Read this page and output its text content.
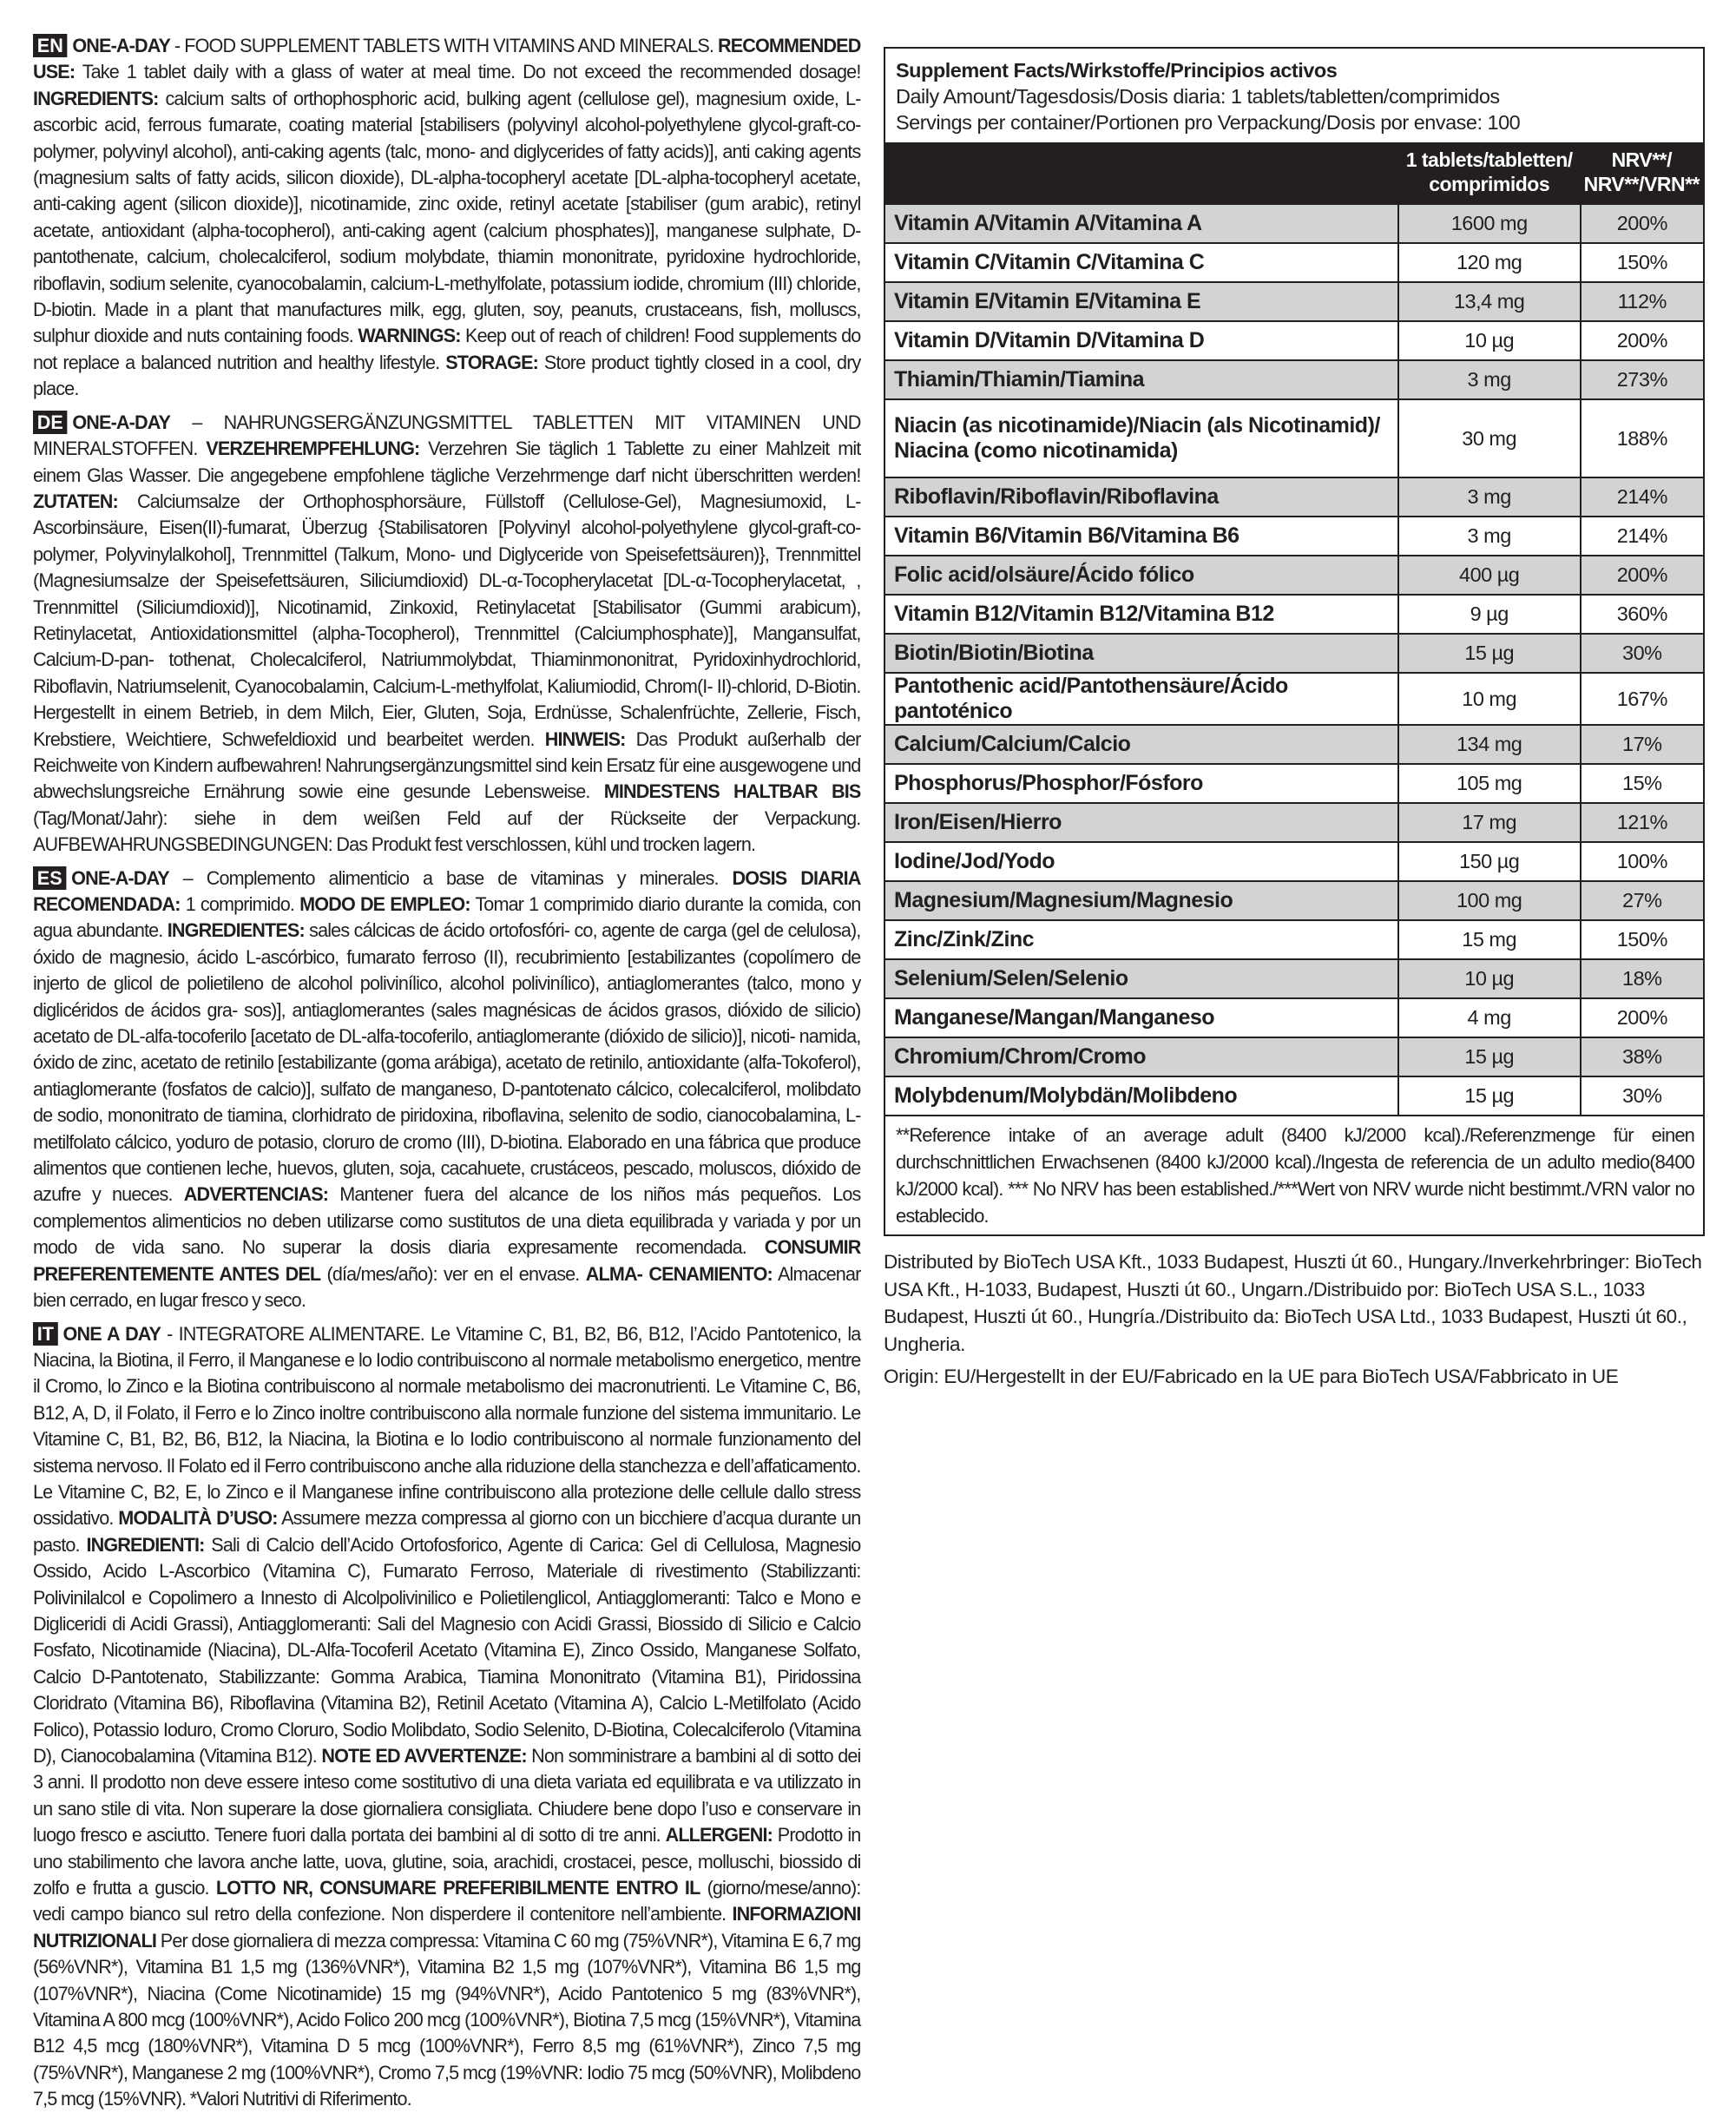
EN ONE-A-DAY - FOOD SUPPLEMENT TABLETS WITH VITAMINS AND MINERALS. RECOMMENDED USE: Take 1 tablet daily with a glass of water at meal time. Do not exceed the recommended dosage! INGREDIENTS: calcium salts of orthophosphoric acid, bulking agent (cellulose gel), magnesium oxide, L-ascorbic acid, ferrous fumarate, coating material [stabilisers (polyvinyl alcohol-polyethylene glycol-graft-co-polymer, polyvinyl alcohol), anti-caking agents (talc, mono- and diglycerides of fatty acids)], anti caking agents (magnesium salts of fatty acids, silicon dioxide), DL-alpha-tocopheryl acetate [DL-alpha-tocopheryl acetate, anti-caking agent (silicon dioxide)], nicotinamide, zinc oxide, retinyl acetate [stabiliser (gum arabic), retinyl acetate, antioxidant (alpha-tocopherol), anti-caking agent (calcium phosphates)], manganese sulphate, D-pantothenate, calcium, cholecalciferol, sodium molybdate, thiamin mononitrate, pyridoxine hydrochloride, riboflavin, sodium selenite, cyanocobalamin, calcium-L-methylfolate, potassium iodide, chromium (III) chloride, D-biotin. Made in a plant that manufactures milk, egg, gluten, soy, peanuts, crustaceans, fish, molluscs, sulphur dioxide and nuts containing foods. WARNINGS: Keep out of reach of children! Food supplements do not replace a balanced nutrition and healthy lifestyle. STORAGE: Store product tightly closed in a cool, dry place.
DE ONE-A-DAY – NAHRUNGSERGÄNZUNGSMITTEL TABLETTEN MIT VITAMINEN UND MINERALSTOFFEN. VERZEHREMPFEHLUNG: Verzehren Sie täglich 1 Tablette zu einer Mahlzeit mit einem Glas Wasser. Die angegebene empfohlene tägliche Verzehrmenge darf nicht überschritten werden! ZUTATEN: Calciumsalze der Orthophosphorsäure, Füllstoff (Cellulose-Gel), Magnesiumoxid, L-Ascorbinsäure, Eisen(II)-fumarat, Überzug {Stabilisatoren [Polyvinyl alcohol-polyethylene glycol-graft-co-polymer, Polyvinylalkohol], Trennmittel (Talkum, Mono- und Diglyceride von Speisefettsäuren)}, Trennmittel (Magnesiumsalze der Speisefettsäuren, Siliciumdioxid) DL-α-Tocopherylacetat [DL-α-Tocopherylacetat, , Trennmittel (Siliciumdioxid)], Nicotinamid, Zinkoxid, Retinylacetat [Stabilisator (Gummi arabicum), Retinylacetat, Antioxidationsmittel (alpha-Tocopherol), Trennmittel (Calciumphosphate)], Mangansulfat, Calcium-D-pan- tothenat, Cholecalciferol, Natriummolybdat, Thiaminmononitrat, Pyridoxinhydrochlorid, Riboflavin, Natriumselenit, Cyanocobalamin, Calcium-L-methylfolat, Kaliumiodid, Chrom(I- II)-chlorid, D-Biotin. Hergestellt in einem Betrieb, in dem Milch, Eier, Gluten, Soja, Erdnüsse, Schalenfrüchte, Zellerie, Fisch, Krebstiere, Weichtiere, Schwefeldioxid und bearbeitet werden. HINWEIS: Das Produkt außerhalb der Reichweite von Kindern aufbewahren! Nahrungsergänzungsmittel sind kein Ersatz für eine ausgewogene und abwechslungsreiche Ernährung sowie eine gesunde Lebensweise. MINDESTENS HALTBAR BIS (Tag/Monat/Jahr): siehe in dem weißen Feld auf der Rückseite der Verpackung. AUFBEWAHRUNGSBEDINGUNGEN: Das Produkt fest verschlossen, kühl und trocken lagern.
ES ONE-A-DAY – Complemento alimenticio a base de vitaminas y minerales. DOSIS DIARIA RECOMENDADA: 1 comprimido. MODO DE EMPLEO: Tomar 1 comprimido diario durante la comida, con agua abundante. INGREDIENTES: sales cálcicas de ácido ortofosfóri- co, agente de carga (gel de celulosa), óxido de magnesio, ácido L-ascórbico, fumarato ferroso (II), recubrimiento [estabilizantes (copolímero de injerto de glicol de polietileno de alcohol polivinílico, alcohol polivinílico), antiaglomerantes (talco, mono y diglicéridos de ácidos gra- sos)], antiaglomerantes (sales magnésicas de ácidos grasos, dióxido de silicio) acetato de DL-alfa-tocoferilo [acetato de DL-alfa-tocoferilo, antiaglomerante (dióxido de silicio)], nicoti- namida, óxido de zinc, acetato de retinilo [estabilizante (goma arábiga), acetato de retinilo, antioxidante (alfa-Tokoferol), antiaglomerante (fosfatos de calcio)], sulfato de manganeso, D-pantotenato cálcico, colecalciferol, molibdato de sodio, mononitrato de tiamina, clorhidrato de piridoxina, riboflavina, selenito de sodio, cianocobalamina, L-metilfolato cálcico, yoduro de potasio, cloruro de cromo (III), D-biotina. Elaborado en una fábrica que produce alimentos que contienen leche, huevos, gluten, soja, cacahuete, crustáceos, pescado, moluscos, dióxido de azufre y nueces. ADVERTENCIAS: Mantener fuera del alcance de los niños más pequeños. Los complementos alimenticios no deben utilizarse como sustitutos de una dieta equilibrada y variada y por un modo de vida sano. No superar la dosis diaria expresamente recomendada. CONSUMIR PREFERENTEMENTE ANTES DEL (día/mes/año): ver en el envase. ALMA- CENAMIENTO: Almacenar bien cerrado, en lugar fresco y seco.
IT ONE A DAY - INTEGRATORE ALIMENTARE. Le Vitamine C, B1, B2, B6, B12, l’Acido Pantotenico, la Niacina, la Biotina, il Ferro, il Manganese e lo Iodio contribuiscono al normale metabolismo energetico, mentre il Cromo, lo Zinco e la Biotina contribuiscono al normale metabolismo dei macronutrienti. Le Vitamine C, B6, B12, A, D, il Folato, il Ferro e lo Zinco inoltre contribuiscono alla normale funzione del sistema immunitario. Le Vitamine C, B1, B2, B6, B12, la Niacina, la Biotina e lo Iodio contribuiscono al normale funzionamento del sistema nervoso. Il Folato ed il Ferro contribuiscono anche alla riduzione della stanchezza e dell’affaticamento. Le Vitamine C, B2, E, lo Zinco e il Manganese infine contribuiscono alla protezione delle cellule dallo stress ossidativo. MODALITÀ D’USO: Assumere mezza compressa al giorno con un bicchiere d’acqua durante un pasto. INGREDIENTI: Sali di Calcio dell’Acido Ortofosforico, Agente di Carica: Gel di Cellulosa, Magnesio Ossido, Acido L-Ascorbico (Vitamina C), Fumarato Ferroso, Materiale di rivestimento (Stabilizzanti: Polivinilalcol e Copolimero a Innesto di Alcolpolivinilico e Polietilenglicol, Antiagglomeranti: Talco e Mono e Digliceridi di Acidi Grassi), Antiagglomeranti: Sali del Magnesio con Acidi Grassi, Biossido di Silicio e Calcio Fosfato, Nicotinamide (Niacina), DL-Alfa-Tocoferil Acetato (Vitamina E), Zinco Ossido, Manganese Solfato, Calcio D-Pantotenato, Stabilizzante: Gomma Arabica, Tiamina Mononitrato (Vitamina B1), Piridossina Cloridrato (Vitamina B6), Riboflavina (Vitamina B2), Retinil Acetato (Vitamina A), Calcio L-Metilfolato (Acido Folico), Potassio Ioduro, Cromo Cloruro, Sodio Molibdato, Sodio Selenito, D-Biotina, Colecalciferolo (Vitamina D), Cianocobalamina (Vitamina B12). NOTE ED AVVERTENZE: Non somministrare a bambini al di sotto dei 3 anni. Il prodotto non deve essere inteso come sostitutivo di una dieta variata ed equilibrata e va utilizzato in un sano stile di vita. Non superare la dose giornaliera consigliata. Chiudere bene dopo l’uso e conservare in luogo fresco e asciutto. Tenere fuori dalla portata dei bambini al di sotto di tre anni. ALLERGENI: Prodotto in uno stabilimento che lavora anche latte, uova, glutine, soia, arachidi, crostacei, pesce, molluschi, biossido di zolfo e frutta a guscio. LOTTO NR, CONSUMARE PREFERIBILMENTE ENTRO IL (giorno/mese/anno): vedi campo bianco sul retro della confezione. Non disperdere il contenitore nell’ambiente. INFORMAZIONI NUTRIZIONALI Per dose giornaliera di mezza compressa: Vitamina C 60 mg (75%VNR*), Vitamina E 6,7 mg (56%VNR*), Vitamina B1 1,5 mg (136%VNR*), Vitamina B2 1,5 mg (107%VNR*), Vitamina B6 1,5 mg (107%VNR*), Niacina (Come Nicotinamide) 15 mg (94%VNR*), Acido Pantotenico 5 mg (83%VNR*), Vitamina A 800 mcg (100%VNR*), Acido Folico 200 mcg (100%VNR*), Biotina 7,5 mcg (15%VNR*), Vitamina B12 4,5 mcg (180%VNR*), Vitamina D 5 mcg (100%VNR*), Ferro 8,5 mg (61%VNR*), Zinco 7,5 mg (75%VNR*), Manganese 2 mg (100%VNR*), Cromo 7,5 mcg (19%VNR: Iodio 75 mcg (50%VNR), Molibdeno 7,5 mcg (15%VNR). *Valori Nutritivi di Riferimento.
Supplement Facts/Wirkstoffe/Principios activos
Daily Amount/Tagesdosis/Dosis diaria: 1 tablets/tabletten/comprimidos
Servings per container/Portionen pro Verpackung/Dosis por envase: 100
	1 tablets/tabletten/
comprimidos	NRV**/
NRV**/VRN**
Vitamin A/Vitamin A/Vitamina A	1600 mg	200%
Vitamin C/Vitamin C/Vitamina C	120 mg	150%
Vitamin E/Vitamin E/Vitamina E	13,4 mg	112%
Vitamin D/Vitamin D/Vitamina D	10 µg	200%
Thiamin/Thiamin/Tiamina	3 mg	273%
Niacin (as nicotinamide)/Niacin (als Nicotinamid)/
Niacina (como nicotinamida)	30 mg	188%
Riboflavin/Riboflavin/Riboflavina	3 mg	214%
Vitamin B6/Vitamin B6/Vitamina B6	3 mg	214%
Folic acid/olsäure/Ácido fólico	400 µg	200%
Vitamin B12/Vitamin B12/Vitamina B12	9 µg	360%
Biotin/Biotin/Biotina	15 µg	30%
Pantothenic acid/Pantothensäure/Ácido pantoténico	10 mg	167%
Calcium/Calcium/Calcio	134 mg	17%
Phosphorus/Phosphor/Fósforo	105 mg	15%
Iron/Eisen/Hierro	17 mg	121%
Iodine/Jod/Yodo	150 µg	100%
Magnesium/Magnesium/Magnesio	100 mg	27%
Zinc/Zink/Zinc	15 mg	150%
Selenium/Selen/Selenio	10 µg	18%
Manganese/Mangan/Manganeso	4 mg	200%
Chromium/Chrom/Cromo	15 µg	38%
Molybdenum/Molybdän/Molibdeno	15 µg	30%
**Reference intake of an average adult (8400 kJ/2000 kcal)./Referenzmenge für einen durchschnittlichen Erwachsenen (8400 kJ/2000 kcal)./Ingesta de referencia de un adulto medio(8400 kJ/2000 kcal). *** No NRV has been established./***Wert von NRV wurde nicht bestimmt./VRN valor no establecido.
Distributed by BioTech USA Kft., 1033 Budapest, Huszti út 60., Hungary./Inverkehrbringer: BioTech USA Kft., H-1033, Budapest, Huszti út 60., Ungarn./Distribuido por: BioTech USA S.L., 1033 Budapest, Huszti út 60., Hungría./Distribuito da: BioTech USA Ltd., 1033 Budapest, Huszti út 60., Ungheria.
Origin: EU/Hergestellt in der EU/Fabricado en la UE para BioTech USA/Fabbricato in UE
